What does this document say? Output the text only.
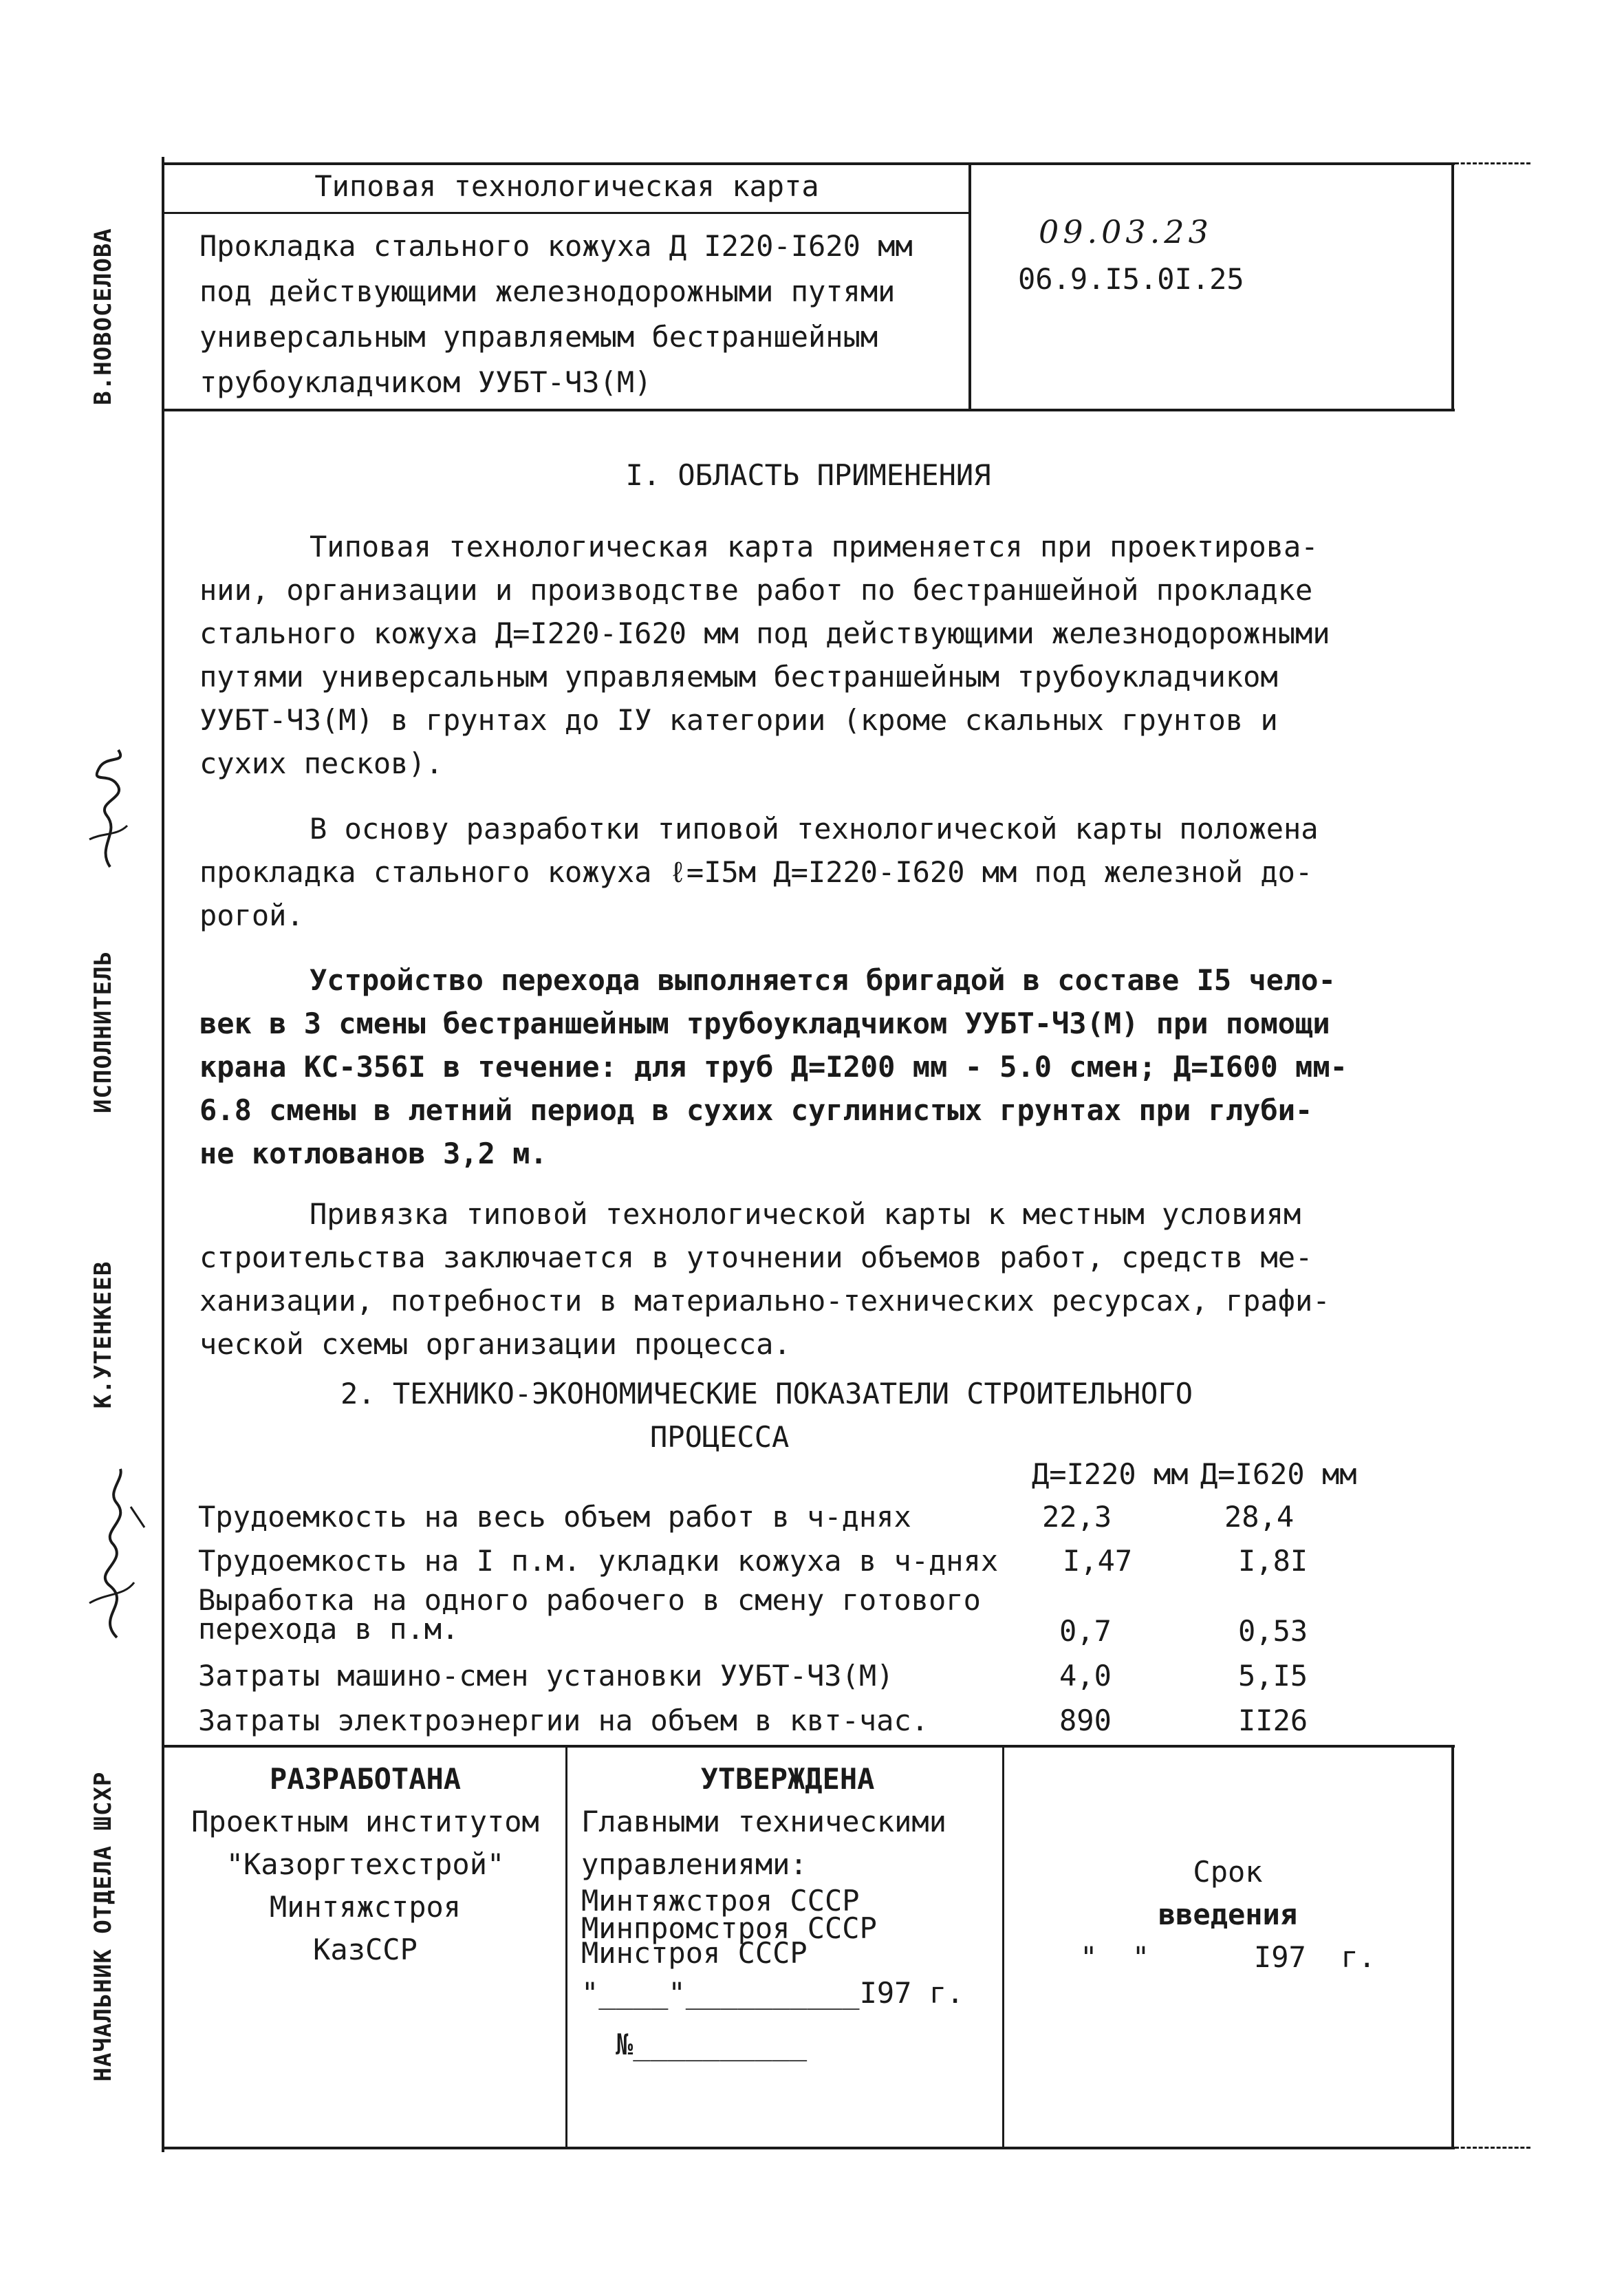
В.НОВОСЕЛОВА
ИСПОЛНИТЕЛЬ
К.УТЕНКЕЕВ
НАЧАЛЬНИК ОТДЕЛА ШСХР
Типовая технологическая карта
Прокладка стального кожуха Д I220-I620 мм
под действующими железнодорожными путями
универсальным управляемым бестраншейным
трубоукладчиком УУБТ-ЧЗ(М)
09.03.23
06.9.I5.0I.25
I. ОБЛАСТЬ ПРИМЕНЕНИЯ
Типовая технологическая карта применяется при проектирова-
нии, организации и производстве работ по бестраншейной прокладке
стального кожуха Д=I220-I620 мм под действующими железнодорожными
путями универсальным управляемым бестраншейным трубоукладчиком
УУБТ-ЧЗ(М) в грунтах до IУ категории (кроме скальных грунтов и
сухих песков).
В основу разработки типовой технологической карты положена
прокладка стального кожуха ℓ=I5м Д=I220-I620 мм под железной до-
рогой.
Устройство перехода выполняется бригадой в составе I5 чело-
век в 3 смены бестраншейным трубоукладчиком УУБТ-ЧЗ(М) при помощи
крана КС-356I в течение: для труб Д=I200 мм - 5.0 смен; Д=I600 мм-
6.8 смены в летний период в сухих суглинистых грунтах при глуби-
не котлованов 3,2 м.
Привязка типовой технологической карты к местным условиям
строительства заключается в уточнении объемов работ, средств ме-
ханизации, потребности в материально-технических ресурсах, графи-
ческой схемы организации процесса.
2. ТЕХНИКО-ЭКОНОМИЧЕСКИЕ ПОКАЗАТЕЛИ СТРОИТЕЛЬНОГО
ПРОЦЕССА
Д=I220 мм Д=I620 мм
Трудоемкость на весь объем работ в ч-днях	22,3	28,4
Трудоемкость на I п.м. укладки кожуха в ч-днях I,47	I,8I
Выработка на одного рабочего в смену готового
перехода в п.м.	0,7	0,53
Затраты машино-смен установки УУБТ-ЧЗ(М)	4,0	5,I5
Затраты электроэнергии на объем в квт-час.	890	II26
РАЗРАБОТАНА
Проектным институтом
"Казоргтехстрой"
Минтяжстроя
КазССР
УТВЕРЖДЕНА
Главными техническими
управлениями:
Минтяжстроя СССР
Минпромстроя СССР
Минстроя СССР
"____"__________I97 г.
№__________
Срок
введения
"  "      I97  г.
